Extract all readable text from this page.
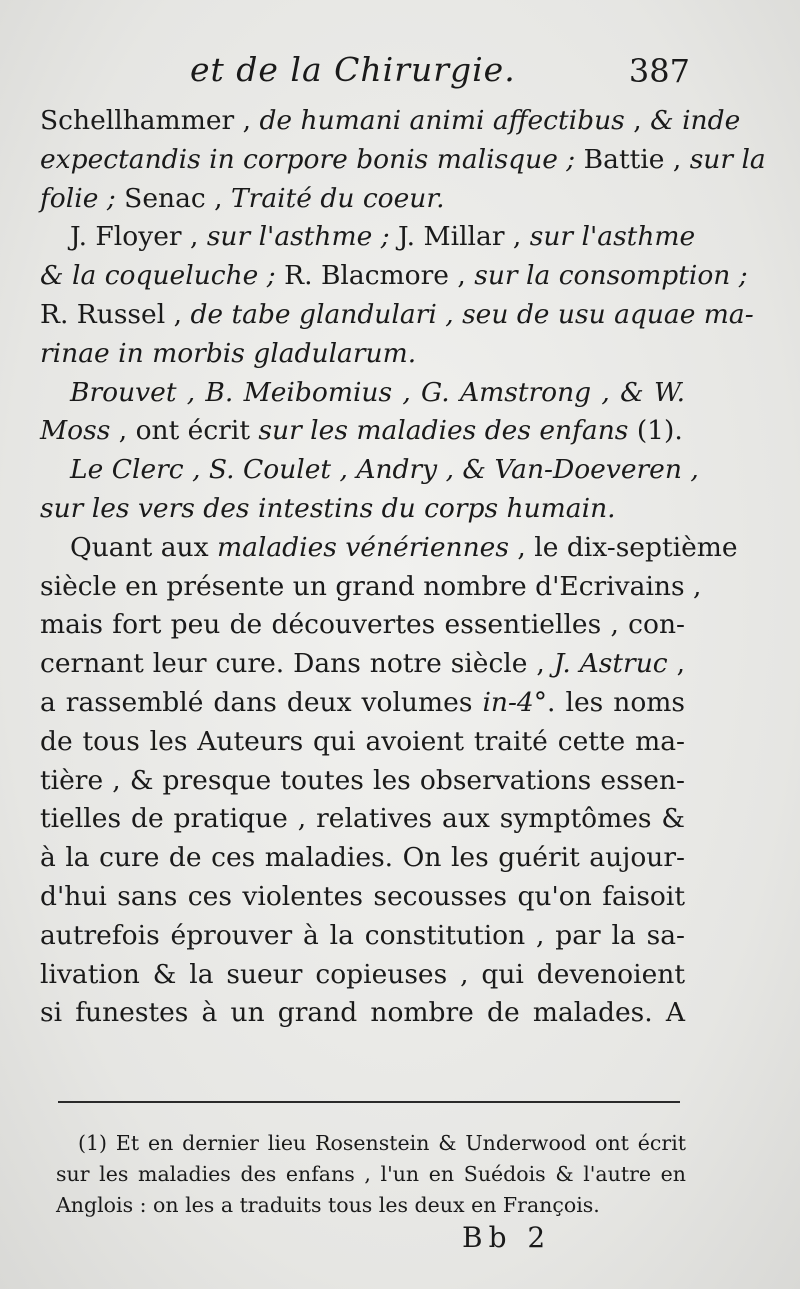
et de la Chirurgie.	387
Schellhammer , de humani animi affectibus , & inde
expectandis in corpore bonis malisque ; Battie , sur la
folie ; Senac , Traité du coeur.
J. Floyer , sur l'asthme ; J. Millar , sur l'asthme
& la coqueluche ; R. Blacmore , sur la consomption ;
R. Russel , de tabe glandulari , seu de usu aquae ma-
rinae in morbis gladularum.
Brouvet , B. Meibomius , G. Amstrong , & W.
Moss , ont écrit sur les maladies des enfans (1).
Le Clerc , S. Coulet , Andry , & Van-Doeveren ,
sur les vers des intestins du corps humain.
Quant aux maladies vénériennes , le dix-septième
siècle en présente un grand nombre d'Ecrivains ,
mais fort peu de découvertes essentielles , con-
cernant leur cure. Dans notre siècle , J. Astruc ,
a rassemblé dans deux volumes in-4°. les noms
de tous les Auteurs qui avoient traité cette ma-
tière , & presque toutes les observations essen-
tielles de pratique , relatives aux symptômes &
à la cure de ces maladies. On les guérit aujour-
d'hui sans ces violentes secousses qu'on faisoit
autrefois éprouver à la constitution , par la sa-
livation & la sueur copieuses , qui devenoient
si funestes à un grand nombre de malades. A
(1) Et en dernier lieu Rosenstein & Underwood ont écrit
sur les maladies des enfans , l'un en Suédois & l'autre en
Anglois : on les a traduits tous les deux en François.
Bb 2
